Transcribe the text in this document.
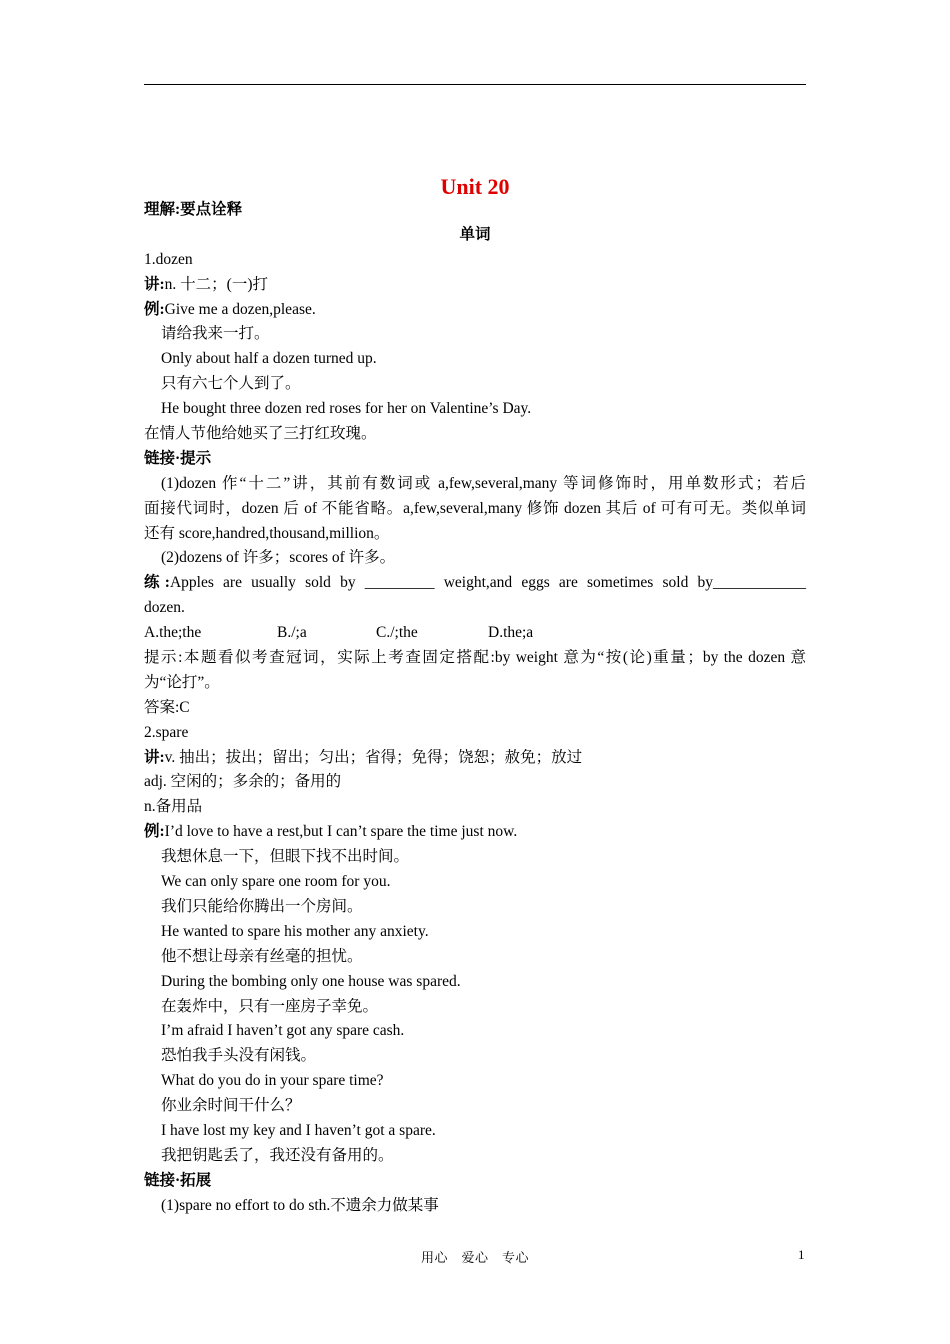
Unit 20
理解:要点诠释
单词
1.dozen
讲:n. 十二；(一)打
例:Give me a dozen,please.
请给我来一打。
Only about half a dozen turned up.
只有六七个人到了。
He bought three dozen red roses for her on Valentine’s Day.
在情人节他给她买了三打红玫瑰。
链接·提示
(1)dozen 作“十二”讲，其前有数词或 a,few,several,many 等词修饰时，用单数形式；若后
面接代词时，dozen 后 of 不能省略。a,few,several,many 修饰 dozen 其后 of 可有可无。类似单词
还有 score,handred,thousand,million。
(2)dozens of 许多；scores of 许多。
练:Apples are usually sold by _________ weight,and eggs are sometimes sold by____________
dozen.
A.the;the	B./;a	C./;the	D.the;a
提示:本题看似考查冠词，实际上考查固定搭配:by weight 意为“按(论)重量；by the dozen 意
为“论打”。
答案:C
2.spare
讲:v. 抽出；拔出；留出；匀出；省得；免得；饶恕；赦免；放过
adj. 空闲的；多余的；备用的
n.备用品
例:I’d love to have a rest,but I can’t spare the time just now.
我想休息一下，但眼下找不出时间。
We can only spare one room for you.
我们只能给你腾出一个房间。
He wanted to spare his mother any anxiety.
他不想让母亲有丝毫的担忧。
During the bombing only one house was spared.
在轰炸中，只有一座房子幸免。
I’m afraid I haven’t got any spare cash.
恐怕我手头没有闲钱。
What do you do in your spare time?
你业余时间干什么？
I have lost my key and I haven’t got a spare.
我把钥匙丢了，我还没有备用的。
链接·拓展
(1)spare no effort to do sth.不遗余力做某事
用心　爱心　专心	1
